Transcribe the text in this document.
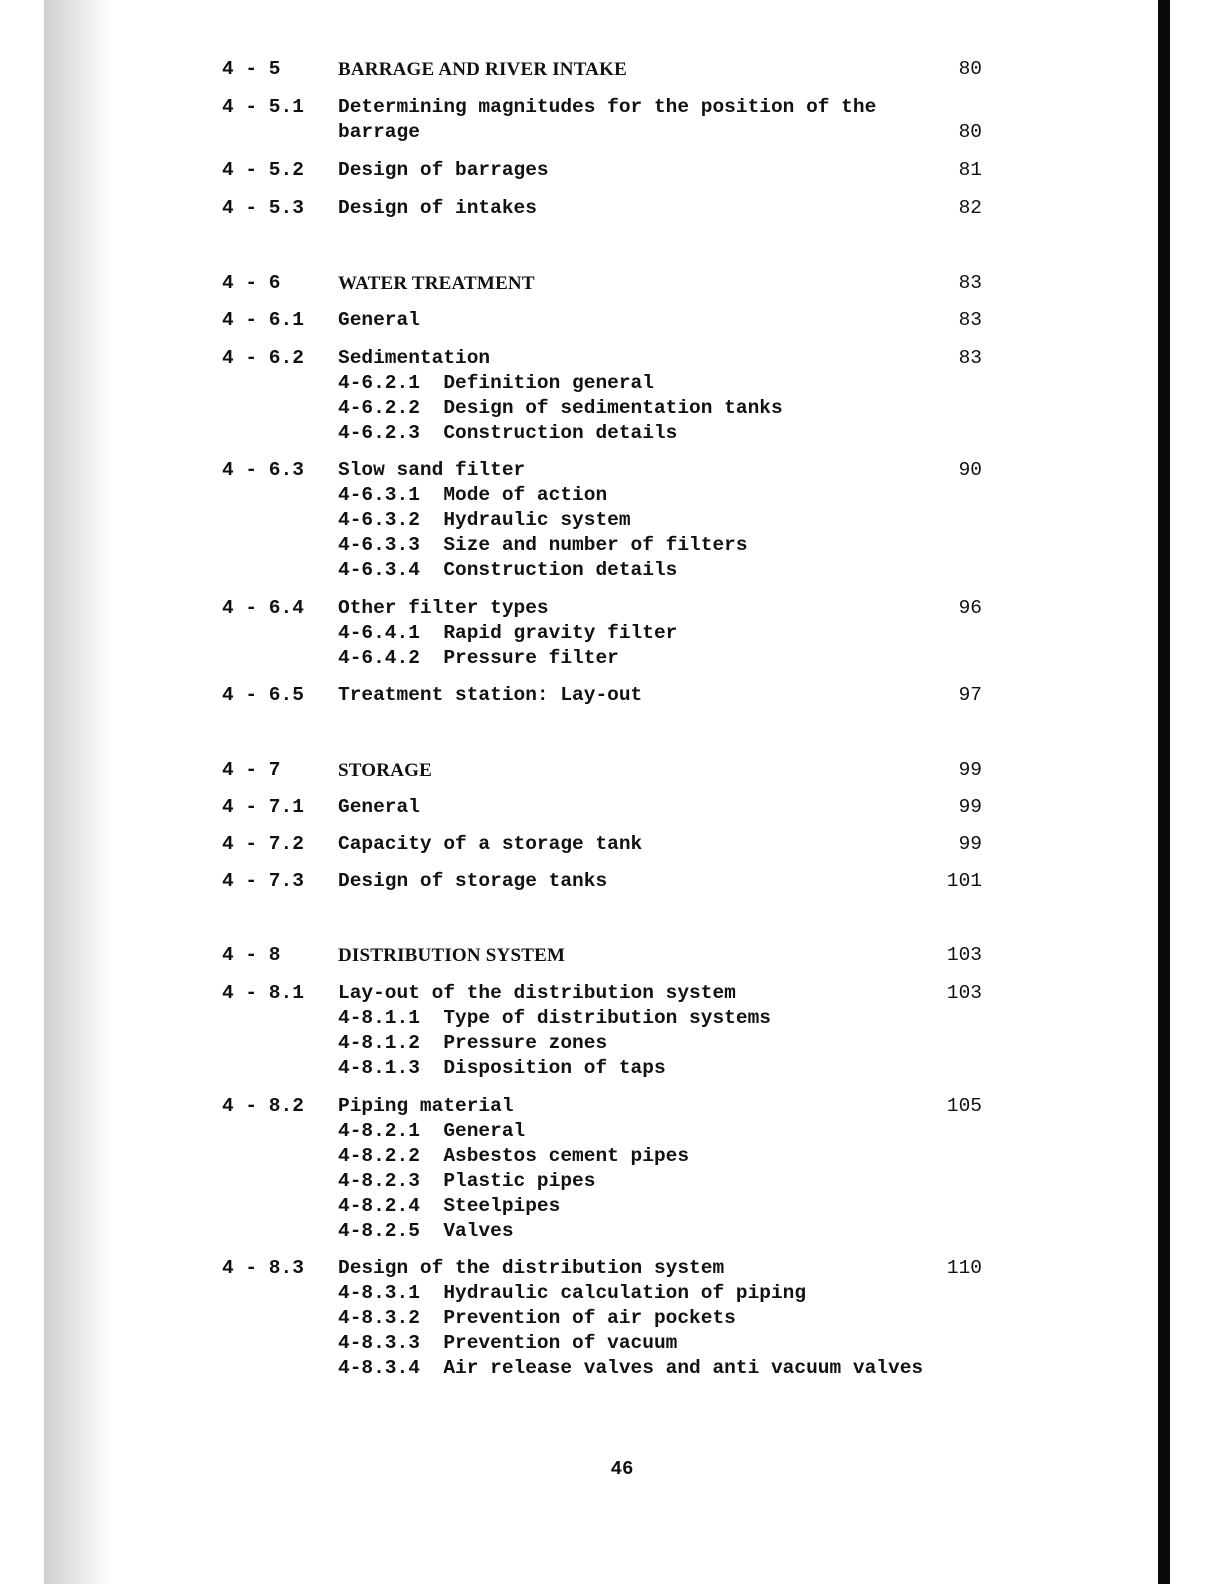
4 - 5	BARRAGE AND RIVER INTAKE	80
4 - 5.1 Determining magnitudes for the position of the
barrage	80
4 - 5.2 Design of barrages	81
4 - 5.3 Design of intakes	82
4 - 6	WATER TREATMENT	83
4 - 6.1 General	83
4 - 6.2 Sedimentation	83
4-6.2.1  Definition general
4-6.2.2  Design of sedimentation tanks
4-6.2.3  Construction details
4 - 6.3 Slow sand filter	90
4-6.3.1  Mode of action
4-6.3.2  Hydraulic system
4-6.3.3  Size and number of filters
4-6.3.4  Construction details
4 - 6.4 Other filter types	96
4-6.4.1  Rapid gravity filter
4-6.4.2  Pressure filter
4 - 6.5 Treatment station: Lay-out	97
4 - 7	STORAGE	99
4 - 7.1 General	99
4 - 7.2 Capacity of a storage tank	99
4 - 7.3 Design of storage tanks	101
4 - 8	DISTRIBUTION SYSTEM	103
4 - 8.1 Lay-out of the distribution system	103
4-8.1.1  Type of distribution systems
4-8.1.2  Pressure zones
4-8.1.3  Disposition of taps
4 - 8.2 Piping material	105
4-8.2.1  General
4-8.2.2  Asbestos cement pipes
4-8.2.3  Plastic pipes
4-8.2.4  Steelpipes
4-8.2.5  Valves
4 - 8.3 Design of the distribution system	110
4-8.3.1  Hydraulic calculation of piping
4-8.3.2  Prevention of air pockets
4-8.3.3  Prevention of vacuum
4-8.3.4  Air release valves and anti vacuum valves
46
